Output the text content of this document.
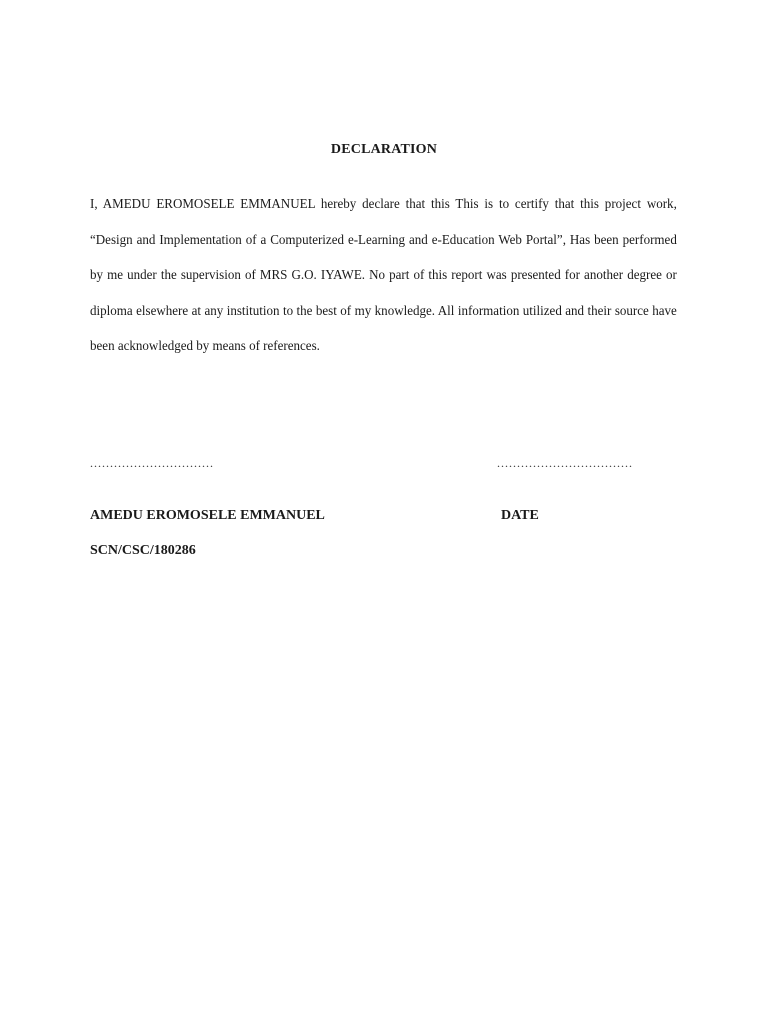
DECLARATION
I, AMEDU EROMOSELE EMMANUEL hereby declare that this This is to certify that this project work, “Design and Implementation of a Computerized e-Learning and e-Education Web Portal”, Has been performed by me under the supervision of MRS G.O. IYAWE. No part of this report was presented for another degree or diploma elsewhere at any institution to the best of my knowledge. All information utilized and their source have been acknowledged by means of references.
...............................	..................................
AMEDU EROMOSELE EMMANUEL	DATE
SCN/CSC/180286
